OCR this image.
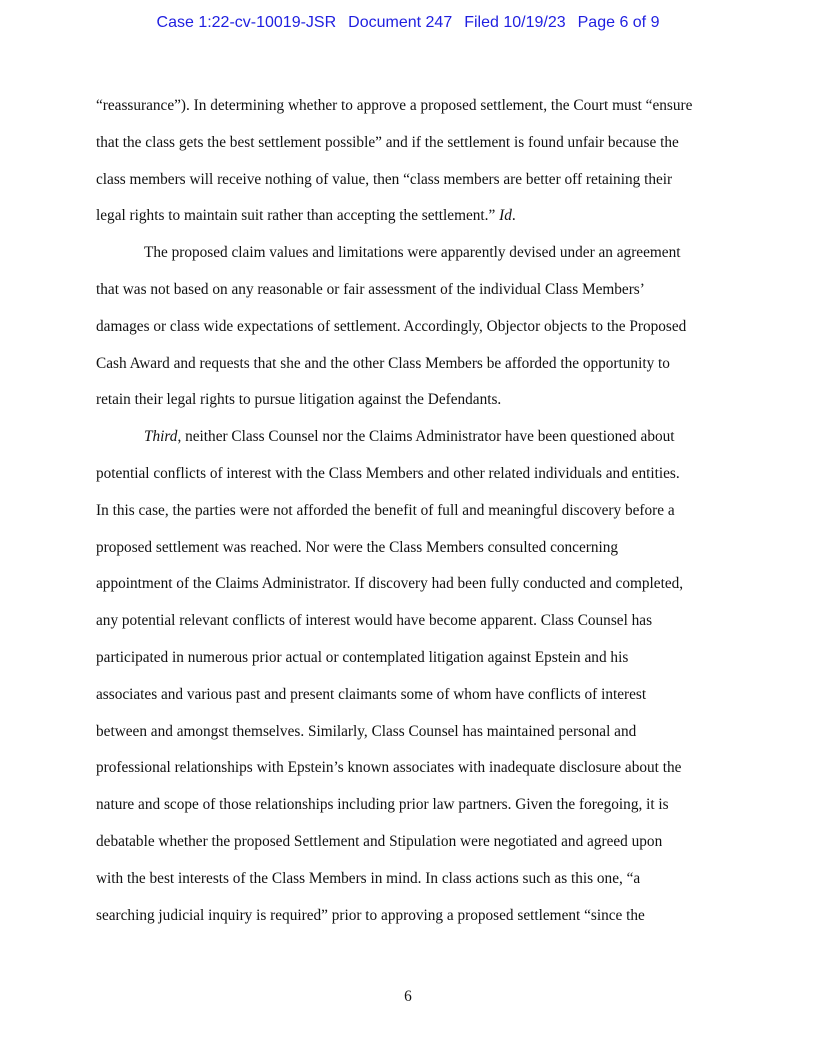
Case 1:22-cv-10019-JSR Document 247 Filed 10/19/23 Page 6 of 9
“reassurance”). In determining whether to approve a proposed settlement, the Court must “ensure
that the class gets the best settlement possible” and if the settlement is found unfair because the
class members will receive nothing of value, then “class members are better off retaining their
legal rights to maintain suit rather than accepting the settlement.” Id.
The proposed claim values and limitations were apparently devised under an agreement
that was not based on any reasonable or fair assessment of the individual Class Members’
damages or class wide expectations of settlement. Accordingly, Objector objects to the Proposed
Cash Award and requests that she and the other Class Members be afforded the opportunity to
retain their legal rights to pursue litigation against the Defendants.
Third, neither Class Counsel nor the Claims Administrator have been questioned about
potential conflicts of interest with the Class Members and other related individuals and entities.
In this case, the parties were not afforded the benefit of full and meaningful discovery before a
proposed settlement was reached. Nor were the Class Members consulted concerning
appointment of the Claims Administrator. If discovery had been fully conducted and completed,
any potential relevant conflicts of interest would have become apparent. Class Counsel has
participated in numerous prior actual or contemplated litigation against Epstein and his
associates and various past and present claimants some of whom have conflicts of interest
between and amongst themselves. Similarly, Class Counsel has maintained personal and
professional relationships with Epstein’s known associates with inadequate disclosure about the
nature and scope of those relationships including prior law partners. Given the foregoing, it is
debatable whether the proposed Settlement and Stipulation were negotiated and agreed upon
with the best interests of the Class Members in mind. In class actions such as this one, “a
searching judicial inquiry is required” prior to approving a proposed settlement “since the
6
